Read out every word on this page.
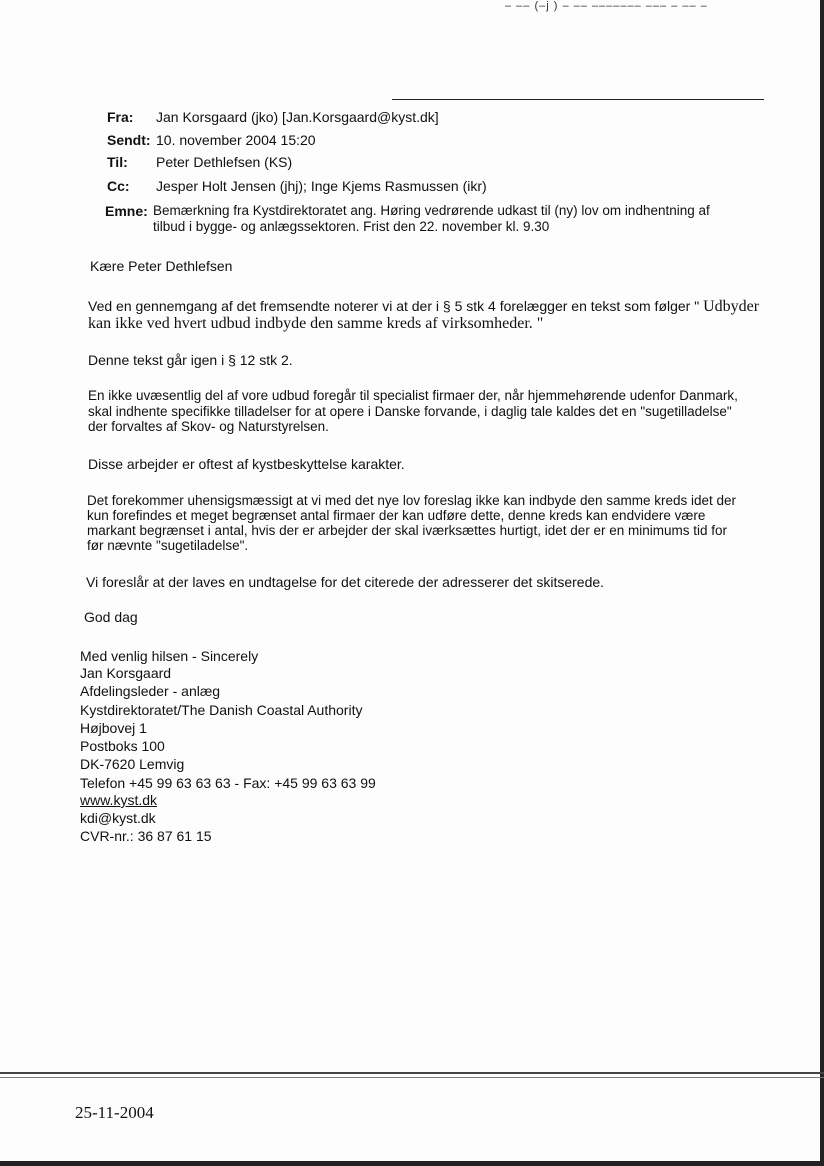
– –– (–j ) – –– ––––––– ––– – –– –
Fra: Jan Korsgaard (jko) [Jan.Korsgaard@kyst.dk]
Sendt: 10. november 2004 15:20
Til: Peter Dethlefsen (KS)
Cc: Jesper Holt Jensen (jhj); Inge Kjems Rasmussen (ikr)
Emne: Bemærkning fra Kystdirektoratet ang. Høring vedrørende udkast til (ny) lov om indhentning af
tilbud i bygge- og anlægssektoren. Frist den 22. november kl. 9.30
Kære Peter Dethlefsen
Ved en gennemgang af det fremsendte noterer vi at der i § 5 stk 4 forelægger en tekst som følger " Udbyder
kan ikke ved hvert udbud indbyde den samme kreds af virksomheder. "
Denne tekst går igen i § 12 stk 2.
En ikke uvæsentlig del af vore udbud foregår til specialist firmaer der, når hjemmehørende udenfor Danmark,
skal indhente specifikke tilladelser for at opere i Danske forvande, i daglig tale kaldes det en "sugetilladelse"
der forvaltes af Skov- og Naturstyrelsen.
Disse arbejder er oftest af kystbeskyttelse karakter.
Det forekommer uhensigsmæssigt at vi med det nye lov foreslag ikke kan indbyde den samme kreds idet der
kun forefindes et meget begrænset antal firmaer der kan udføre dette, denne kreds kan endvidere være
markant begrænset i antal, hvis der er arbejder der skal iværksættes hurtigt, idet der er en minimums tid for
før nævnte "sugetiladelse".
Vi foreslår at der laves en undtagelse for det citerede der adresserer det skitserede.
God dag
Med venlig hilsen - Sincerely
Jan Korsgaard
Afdelingsleder - anlæg
Kystdirektoratet/The Danish Coastal Authority
Højbovej 1
Postboks 100
DK-7620 Lemvig
Telefon +45 99 63 63 63 - Fax: +45 99 63 63 99
www.kyst.dk
kdi@kyst.dk
CVR-nr.: 36 87 61 15
25-11-2004
